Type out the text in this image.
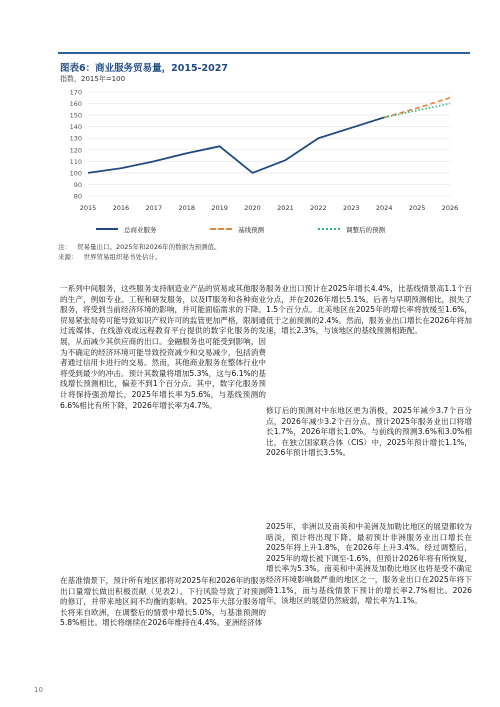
图表6：商业服务贸易量，2015-2027
指数，2015年=100
80
90
100
110
120
130
140
150
160
170
2015	2016	2017	2018	2019	2020	2021	2022	2023	2024	2025	2026
总商业服务	基线预测	调整后的预测
注： 贸易量出口。2025年和2026年的数据为预测值。
来源： 世界贸易组织秘书处估计。

一系列中间服务，这些服务支持制造业产品的贸易或其他服务的生产，例如专业、工程和研发服务，以及IT服务和各种商业服务，将受到当前经济环境的影响，并可能面临需求的下降。贸易紧张局势可能导致知识产权许可的监管更加严格，限制通过流媒体、在线游戏或远程教育平台提供的数字化服务的发展，从而减少其供应商的出口。金融服务也可能受到影响，因为不确定的经济环境可能导致投资减少和交易减少，包括消费者通过信用卡进行的交易。然而，其他商业服务在整体行业中将受到最少的冲击。预计其数量将增加5.3%，这与6.1%的基线增长预测相比，偏差不到1个百分点。其中，数字化服务预计将保持强劲增长，2025年增长率为5.6%，与基线预测的6.6%相比有所下降，2026年增长率为4.7%。

在基准情景下，预计所有地区都将对2025年和2026年的服务出口量增长做出积极贡献（见表2）。下行风险导致了对预测的修订，并带来地区间不均衡的影响。2025年大部分服务增长将来自欧洲，在调整后的情景中增长5.0%，与基准预测的5.8%相比。增长将继续在2026年维持在4.4%。亚洲经济体

服务业出口预计在2025年增长4.4%，比基线情景高1.1个百分点，并在2026年增长5.1%。后者与早期预测相比，损失了1.5个百分点。北美地区在2025年的增长率将放缓至1.6%，低于之前预测的2.4%。然而，服务业出口增长在2026年将加速，增长2.3%，与该地区的基线预测相距配。

修订后的预测对中东地区更为消极，2025年减少3.7个百分点，2026年减少3.2个百分点。预计2025年服务业出口将增长1.7%，2026年增长1.0%。与前线的预测3.6%和3.0%相比，在独立国家联合体（CIS）中，2025年预计增长1.1%，2026年预计增长3.5%。

2025年，非洲以及南美和中美洲及加勒比地区的展望都较为暗淡，预计将出现下降。最初预计非洲服务业出口增长在2025年将上升1.8%，在2026年上升3.4%。经过调整后，2025年的增长被下调至-1.6%，但预计2026年将有所恢复，增长率为5.3%。南美和中美洲及加勒比地区也将是受不确定经济环境影响最严重的地区之一，服务业出口在2025年将下降1.1%，而与基线情景下预计的增长率2.7%相比。2026年，该地区的展望仍然疲弱，增长率为1.1%。

10
